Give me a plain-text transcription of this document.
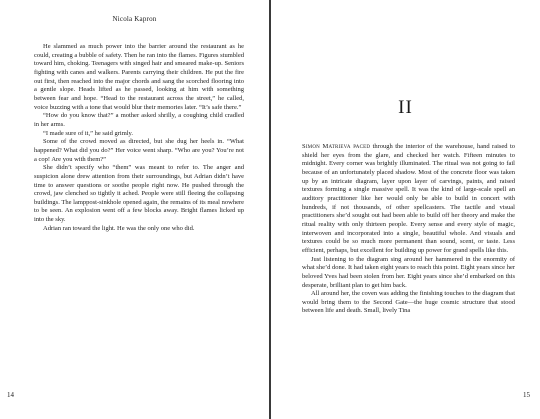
Nicola Kapron

He slammed as much power into the barrier around the restaurant as he could, creating a bubble of safety. Then he ran into the flames. Figures stumbled toward him, choking. Teenagers with singed hair and smeared make-up. Seniors fighting with canes and walkers. Parents carrying their children. He put the fire out first, then reached into the major chords and sang the scorched flooring into a gentle slope. Heads lifted as he passed, looking at him with something between fear and hope. “Head to the restaurant across the street,” he called, voice buzzing with a tone that would blur their memories later. “It’s safe there.”

“How do you know that?” a mother asked shrilly, a coughing child cradled in her arms.

“I made sure of it,” he said grimly.

Some of the crowd moved as directed, but she dug her heels in. “What happened? What did you do?” Her voice went sharp. “Who are you? You’re not a cop! Are you with them?”

She didn’t specify who “them” was meant to refer to. The anger and suspicion alone drew attention from their surroundings, but Adrian didn’t have time to answer questions or soothe people right now. He pushed through the crowd, jaw clenched so tightly it ached. People were still fleeing the collapsing buildings. The lamppost-sinkhole opened again, the remains of its meal nowhere to be seen. An explosion went off a few blocks away. Bright flames licked up into the sky.

Adrian ran toward the light. He was the only one who did.

14
II

Simon Matrieva paced through the interior of the warehouse, hand raised to shield her eyes from the glare, and checked her watch. Fifteen minutes to midnight. Every corner was brightly illuminated. The ritual was not going to fail because of an unfortunately placed shadow. Most of the concrete floor was taken up by an intricate diagram, layer upon layer of carvings, paints, and raised textures forming a single massive spell. It was the kind of large-scale spell an auditory practitioner like her would only be able to build in concert with hundreds, if not thousands, of other spellcasters. The tactile and visual practitioners she’d sought out had been able to build off her theory and make the ritual reality with only thirteen people. Every sense and every style of magic, interwoven and incorporated into a single, beautiful whole. And visuals and textures could be so much more permanent than sound, scent, or taste. Less efficient, perhaps, but excellent for building up power for grand spells like this.

Just listening to the diagram sing around her hammered in the enormity of what she’d done. It had taken eight years to reach this point. Eight years since her beloved Yves had been stolen from her. Eight years since she’d embarked on this desperate, brilliant plan to get him back.

All around her, the coven was adding the finishing touches to the diagram that would bring them to the Second Gate—the huge cosmic structure that stood between life and death. Small, lively Tina

15
